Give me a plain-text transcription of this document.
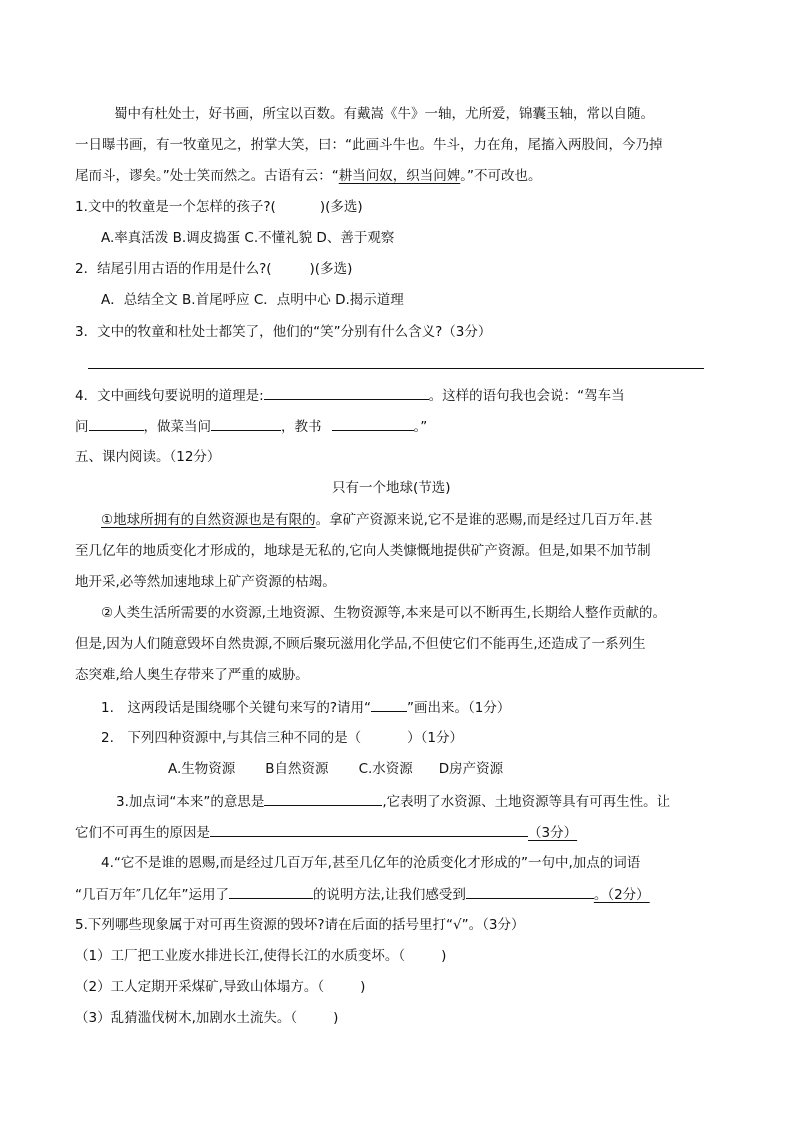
蜀中有杜处士，好书画，所宝以百数。有戴嵩《牛》一轴，尤所爱，锦囊玉轴，常以自随。
一日曝书画，有一牧童见之，拊掌大笑，曰：“此画斗牛也。牛斗，力在角，尾搐入两股间，今乃掉
尾而斗，谬矣。”处士笑而然之。古语有云：“耕当问奴，织当问婢。”不可改也。
1.文中的牧童是一个怎样的孩子?(	)(多选)
A.率真活泼 B.调皮捣蛋 C.不懂礼貌 D、善于观察
2．结尾引用古语的作用是什么?(	)(多选)
A．总结全文 B.首尾呼应 C．点明中心 D.揭示道理
3．文中的牧童和杜处士都笑了，他们的“笑”分别有什么含义?（3分）
4．文中画线句要说明的道理是:	。这样的语句我也会说：“驾车当
问	，做菜当问	，教书	。”
五、课内阅读。（12分）
只有一个地球(节选)
①地球所拥有的自然资源也是有限的。拿矿产资源来说,它不是谁的恶赐,而是经过几百万年.甚
至几亿年的地质变化才形成的，地球是无私的,它向人类慷慨地提供矿产资源。但是,如果不加节制
地开采,必等然加速地球上矿产资源的枯竭。
②人类生活所需要的水资源,土地资源、生物资源等,本来是可以不断再生,长期给人整作贡献的。
但是,因为人们随意毁坏自然贵源,不顾后聚玩滋用化学品,不但使它们不能再生,还造成了一系列生
态突难,给人奥生存带来了严重的威胁。
1.　这两段话是围绕哪个关键句来写的?请用“	”画出来。（1分）
2.　下列四种资源中,与其信三种不同的是（	）（1分）
A.生物资源 B自然资源 C.水资源 D房产资源
3.加点词“本来”的意思是	,它表明了水资源、土地资源等具有可再生性。让
它们不可再生的原因是	（3分）
4.“它不是谁的恩赐,而是经过几百万年,甚至几亿年的沧质变化才形成的”一句中,加点的词语
“几百万年″几亿年”运用了	的说明方法,让我们感受到	。（2分）
5.下列哪些现象属于对可再生资源的毁坏?请在后面的括号里打“√”。（3分）
（1）工厂把工业废水排进长江,使得长江的水质变坏。（	)
（2）工人定期开采煤矿,导致山体塌方。（	)
（3）乱猜滥伐树木,加剧水土流失。（	)
